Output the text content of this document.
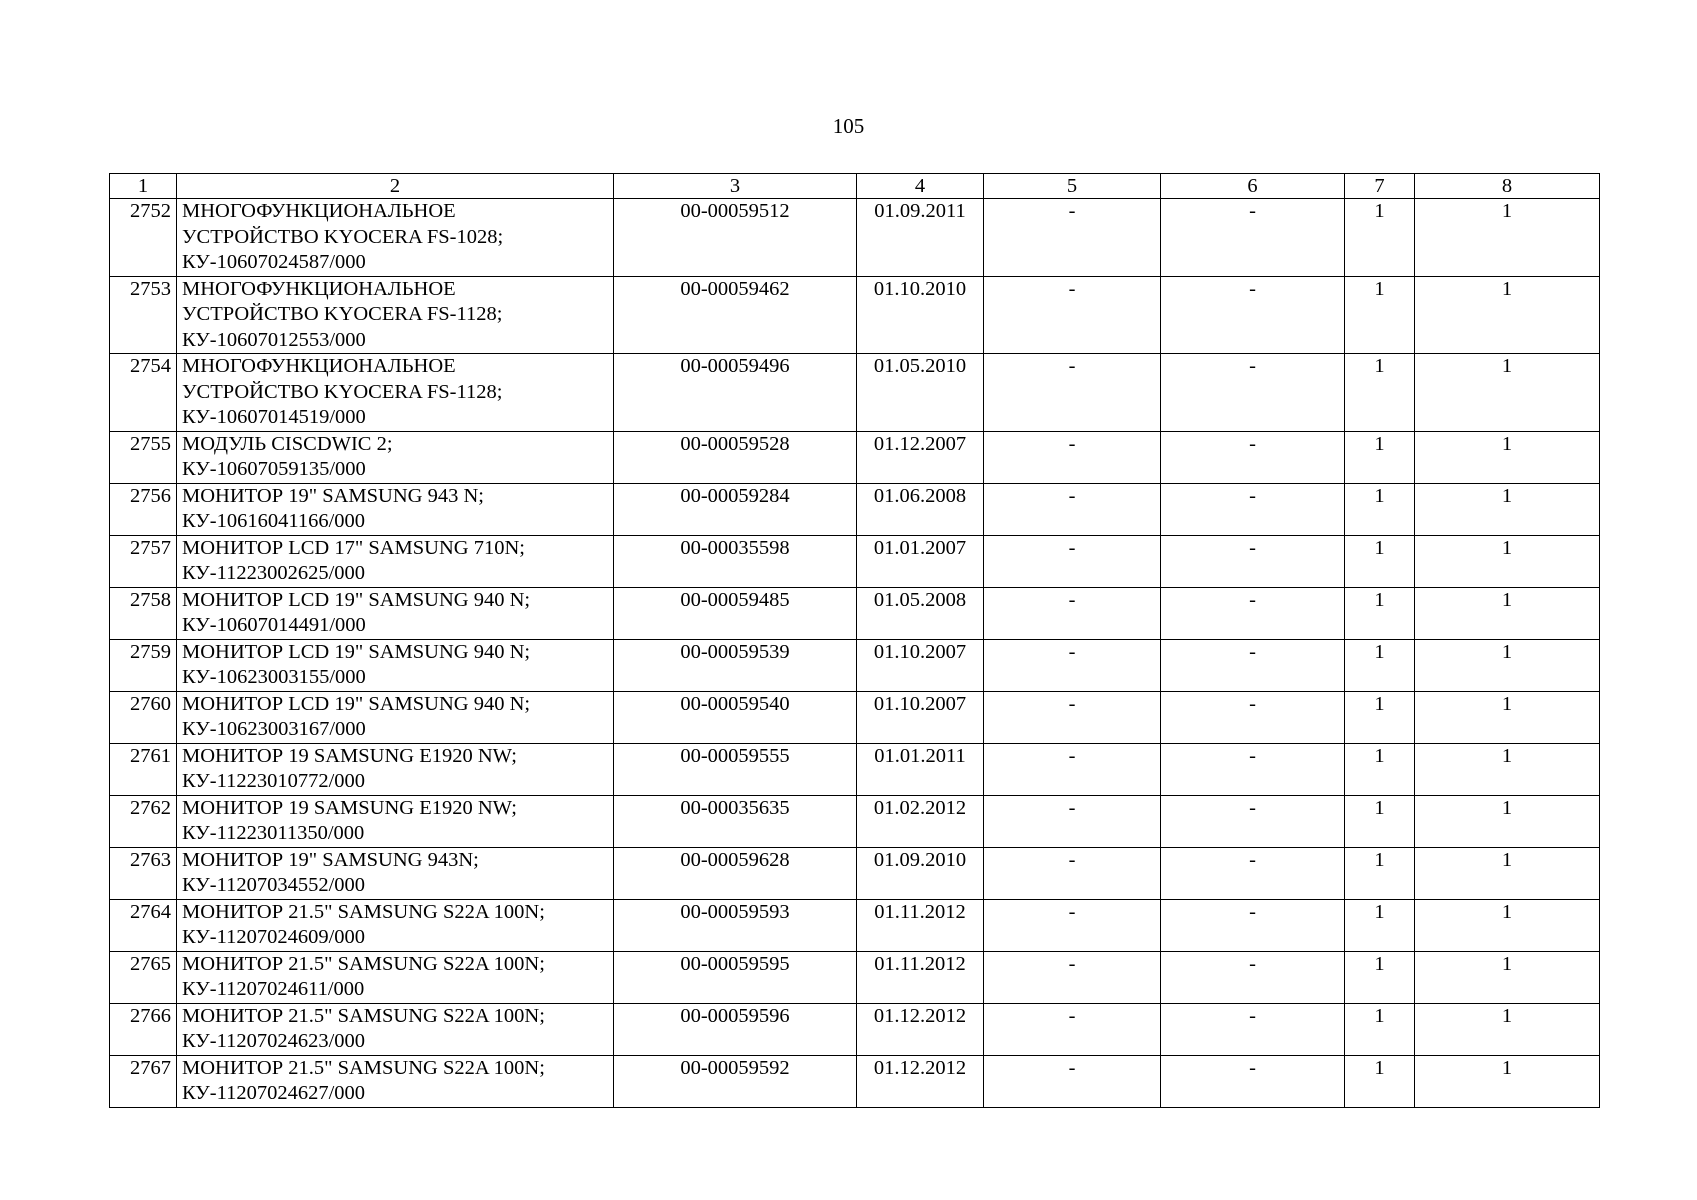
105
1	2	3	4	5	6	7	8
2752	МНОГОФУНКЦИОНАЛЬНОЕ
УСТРОЙСТВО KYOCERA FS-1028;
КУ-10607024587/000	00-00059512	01.09.2011	-	-	1	1
2753	МНОГОФУНКЦИОНАЛЬНОЕ
УСТРОЙСТВО KYOCERA FS-1128;
КУ-10607012553/000	00-00059462	01.10.2010	-	-	1	1
2754	МНОГОФУНКЦИОНАЛЬНОЕ
УСТРОЙСТВО KYOCERA FS-1128;
КУ-10607014519/000	00-00059496	01.05.2010	-	-	1	1
2755	МОДУЛЬ CISCDWIC 2;
КУ-10607059135/000	00-00059528	01.12.2007	-	-	1	1
2756	МОНИТОР 19" SAMSUNG 943 N;
КУ-10616041166/000	00-00059284	01.06.2008	-	-	1	1
2757	МОНИТОР LCD 17" SAMSUNG 710N;
КУ-11223002625/000	00-00035598	01.01.2007	-	-	1	1
2758	МОНИТОР LCD 19" SAMSUNG 940 N;
КУ-10607014491/000	00-00059485	01.05.2008	-	-	1	1
2759	МОНИТОР LCD 19" SAMSUNG 940 N;
КУ-10623003155/000	00-00059539	01.10.2007	-	-	1	1
2760	МОНИТОР LCD 19" SAMSUNG 940 N;
КУ-10623003167/000	00-00059540	01.10.2007	-	-	1	1
2761	МОНИТОР 19 SAMSUNG E1920 NW;
КУ-11223010772/000	00-00059555	01.01.2011	-	-	1	1
2762	МОНИТОР 19 SAMSUNG E1920 NW;
КУ-11223011350/000	00-00035635	01.02.2012	-	-	1	1
2763	МОНИТОР 19" SAMSUNG 943N;
КУ-11207034552/000	00-00059628	01.09.2010	-	-	1	1
2764	МОНИТОР 21.5" SAMSUNG S22A 100N;
КУ-11207024609/000	00-00059593	01.11.2012	-	-	1	1
2765	МОНИТОР 21.5" SAMSUNG S22A 100N;
КУ-11207024611/000	00-00059595	01.11.2012	-	-	1	1
2766	МОНИТОР 21.5" SAMSUNG S22A 100N;
КУ-11207024623/000	00-00059596	01.12.2012	-	-	1	1
2767	МОНИТОР 21.5" SAMSUNG S22A 100N;
КУ-11207024627/000	00-00059592	01.12.2012	-	-	1	1
